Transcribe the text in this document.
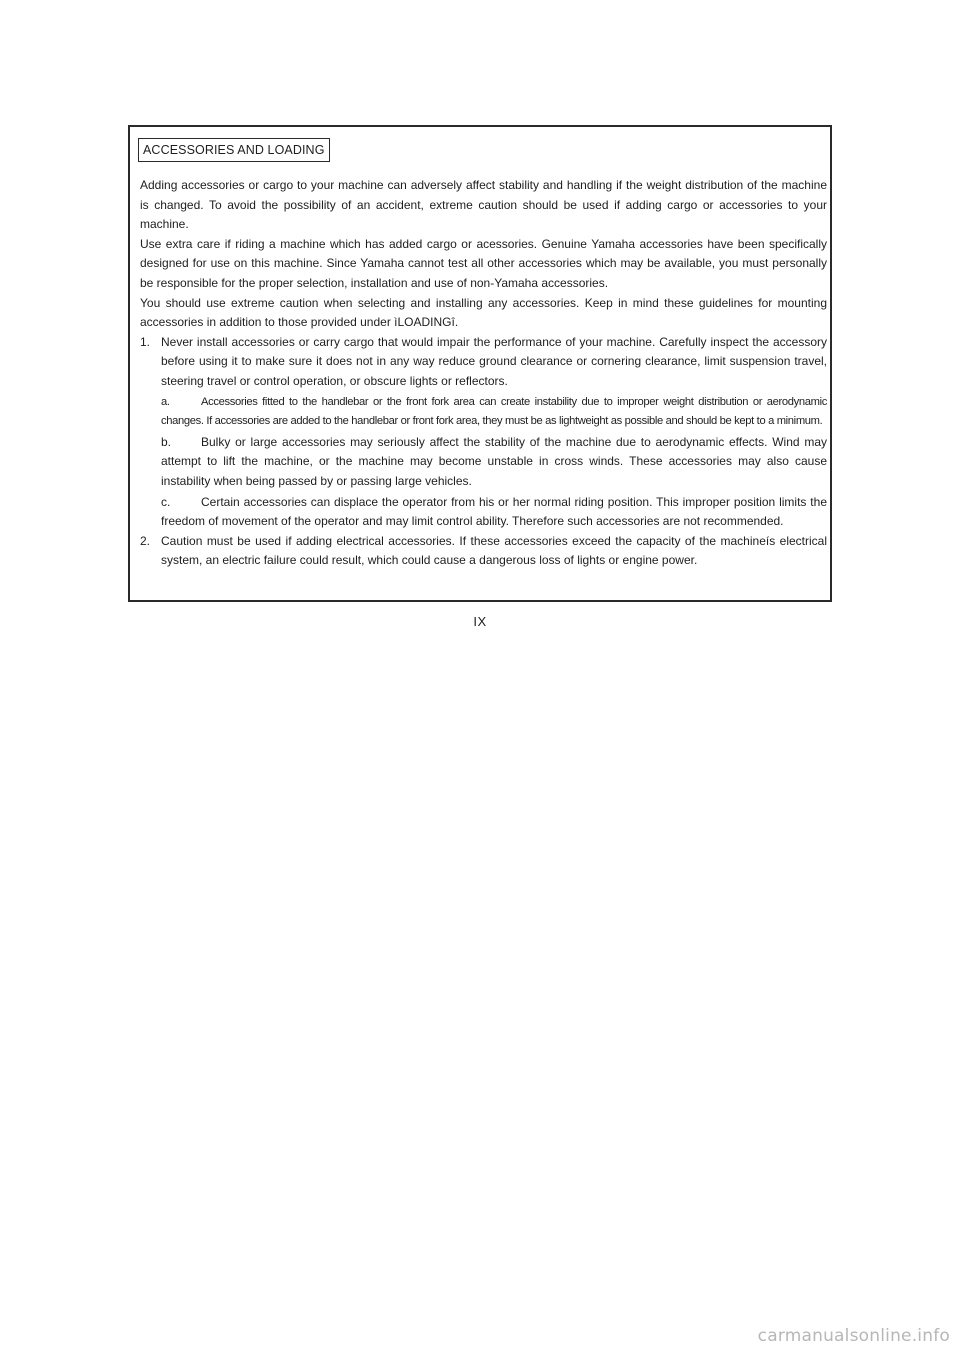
ACCESSORIES AND LOADING

Adding accessories or cargo to your machine can adversely affect stability and handling if the weight distribution of the machine is changed. To avoid the possibility of an accident, extreme caution should be used if adding cargo or accessories to your machine.

Use extra care if riding a machine which has added cargo or acessories. Genuine Yamaha accessories have been specifically designed for use on this machine. Since Yamaha cannot test all other accessories which may be available, you must personally be responsible for the proper selection, installation and use of non-Yamaha accessories.

You should use extreme caution when selecting and installing any accessories. Keep in mind these guidelines for mounting accessories in addition to those provided under ìLOADINGî.

1. Never install accessories or carry cargo that would impair the performance of your machine. Carefully inspect the accessory before using it to make sure it does not in any way reduce ground clearance or cornering clearance, limit suspension travel, steering travel or control operation, or obscure lights or reflectors.
a.	Accessories fitted to the handlebar or the front fork area can create instability due to improper weight distribution or aerodynamic changes. If accessories are added to the handlebar or front fork area, they must be as lightweight as possible and should be kept to a minimum.
b. Bulky or large accessories may seriously affect the stability of the machine due to aerodynamic effects. Wind may attempt to lift the machine, or the machine may become unstable in cross winds. These accessories may also cause instability when being passed by or passing large vehicles.
c.	Certain accessories can displace the operator from his or her normal riding position. This improper position limits the freedom of movement of the operator and may limit control ability. Therefore such accessories are not recommended.
2. Caution must be used if adding electrical accessories. If these accessories exceed the capacity of the machineís electrical system, an electric failure could result, which could cause a dangerous loss of lights or engine power.
IX
carmanualsonline.info
